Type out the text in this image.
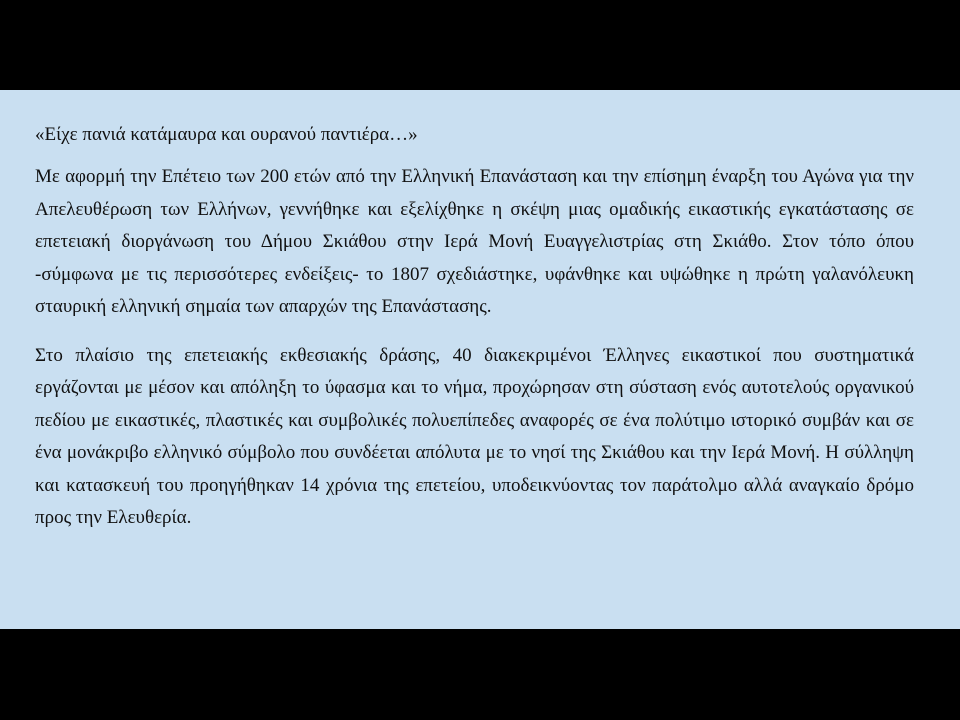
«Είχε πανιά κατάμαυρα και ουρανού παντιέρα…»

Με αφορμή την Επέτειο των 200 ετών από την Ελληνική Επανάσταση και την επίσημη έναρξη του Αγώνα για την Απελευθέρωση των Ελλήνων, γεννήθηκε και εξελίχθηκε η σκέψη μιας ομαδικής εικαστικής εγκατάστασης σε επετειακή διοργάνωση του Δήμου Σκιάθου στην Ιερά Μονή Ευαγγελιστρίας στη Σκιάθο. Στον τόπο όπου -σύμφωνα με τις περισσότερες ενδείξεις- το 1807 σχεδιάστηκε, υφάνθηκε και υψώθηκε η πρώτη γαλανόλευκη σταυρική ελληνική σημαία των απαρχών της Επανάστασης.

Στο πλαίσιο της επετειακής εκθεσιακής δράσης, 40 διακεκριμένοι Έλληνες εικαστικοί που συστηματικά εργάζονται με μέσον και απόληξη το ύφασμα και το νήμα, προχώρησαν στη σύσταση ενός αυτοτελούς οργανικού πεδίου με εικαστικές, πλαστικές και συμβολικές πολυεπίπεδες αναφορές σε ένα πολύτιμο ιστορικό συμβάν και σε ένα μονάκριβο ελληνικό σύμβολο που συνδέεται απόλυτα με το νησί της Σκιάθου και την Ιερά Μονή. Η σύλληψη και κατασκευή του προηγήθηκαν 14 χρόνια της επετείου, υποδεικνύοντας τον παράτολμο αλλά αναγκαίο δρόμο προς την Ελευθερία.
